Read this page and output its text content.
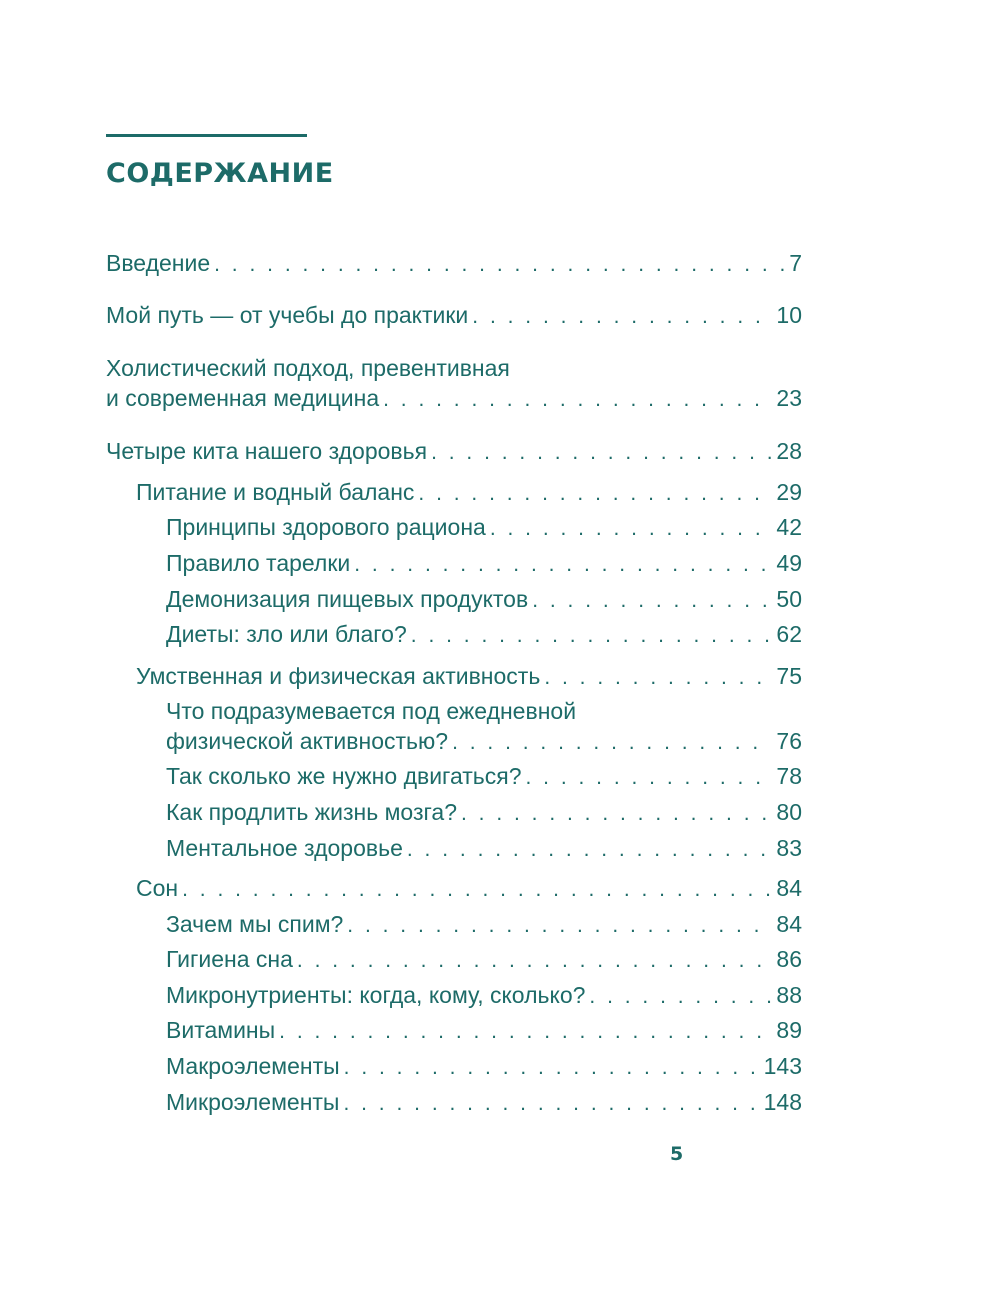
СОДЕРЖАНИЕ
Введение . . .	7
Мой путь — от учебы до практики . . .	10
Холистический подход, превентивная
и современная медицина . . .	23
Четыре кита нашего здоровья . . .	28
Питание и водный баланс . . .	29
Принципы здорового рациона . . .	42
Правило тарелки . . .	49
Демонизация пищевых продуктов . . .	50
Диеты: зло или благо? . . .	62
Умственная и физическая активность . . .	75
Что подразумевается под ежедневной
физической активностью? . . .	76
Так сколько же нужно двигаться? . . .	78
Как продлить жизнь мозга? . . .	80
Ментальное здоровье . . .	83
Сон . . .	84
Зачем мы спим? . . .	84
Гигиена сна . . .	86
Микронутриенты: когда, кому, сколько? . . .	88
Витамины . . .	89
Макроэлементы . . .	143
Микроэлементы . . .	148
5
